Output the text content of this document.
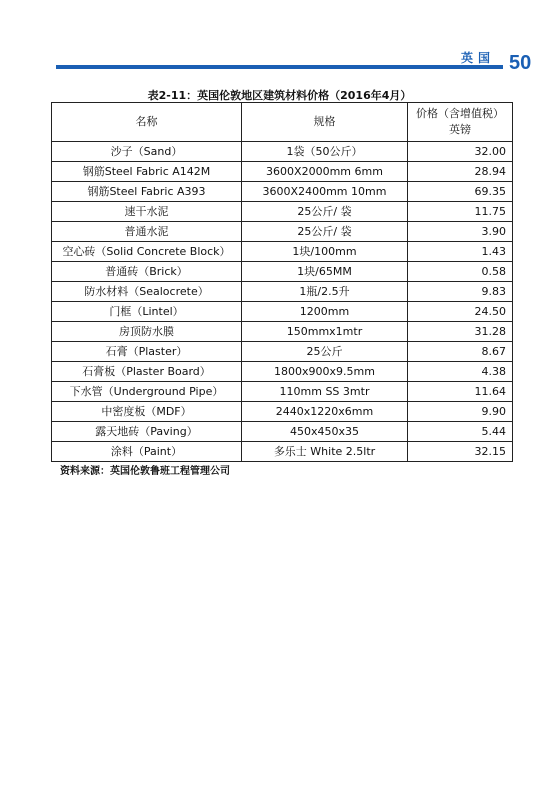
英国 50
表2-11：英国伦敦地区建筑材料价格（2016年4月）
名称	规格	价格（含增值税）
英镑

沙子（Sand）	1袋（50公斤）	32.00
钢筋Steel Fabric A142M	3600X2000mm 6mm	28.94
钢筋Steel Fabric A393	3600X2400mm 10mm	69.35
速干水泥	25公斤/ 袋	11.75
普通水泥	25公斤/ 袋	3.90
空心砖（Solid Concrete Block）	1块/100mm	1.43
普通砖（Brick）	1块/65MM	0.58
防水材料（Sealocrete）	1瓶/2.5升	9.83
门框（Lintel）	1200mm	24.50
房顶防水膜	150mmx1mtr	31.28
石膏（Plaster）	25公斤	8.67
石膏板（Plaster Board）	1800x900x9.5mm	4.38
下水管（Underground Pipe）	110mm SS 3mtr	11.64
中密度板（MDF）	2440x1220x6mm	9.90
露天地砖（Paving）	450x450x35	5.44
涂料（Paint）	多乐士 White 2.5ltr	32.15
资料来源：英国伦敦鲁班工程管理公司
